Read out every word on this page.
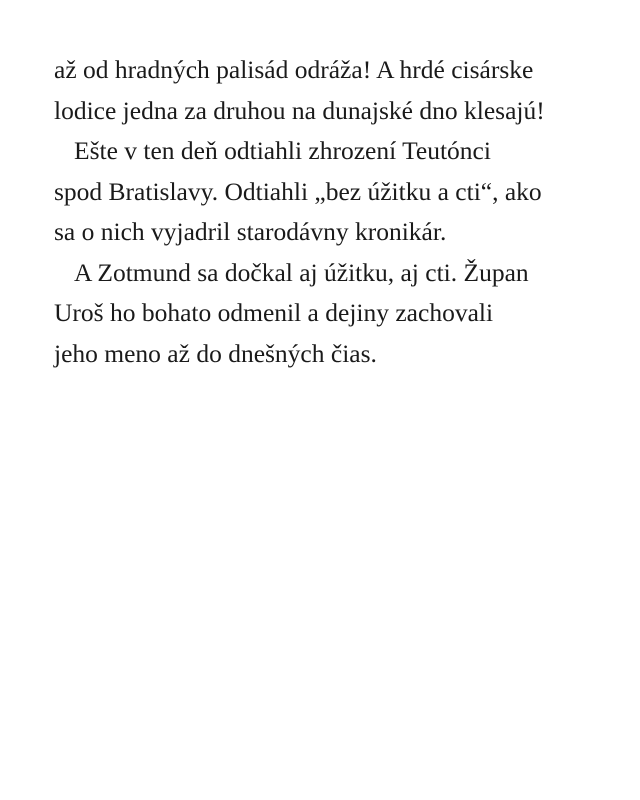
až od hradných palisád odráža! A hrdé cisárske
lodice jedna za druhou na dunajské dno klesajú!
Ešte v ten deň odtiahli zhrození Teutónci
spod Bratislavy. Odtiahli „bez úžitku a cti“, ako
sa o nich vyjadril starodávny kronikár.
A Zotmund sa dočkal aj úžitku, aj cti. Župan
Uroš ho bohato odmenil a dejiny zachovali
jeho meno až do dnešných čias.
